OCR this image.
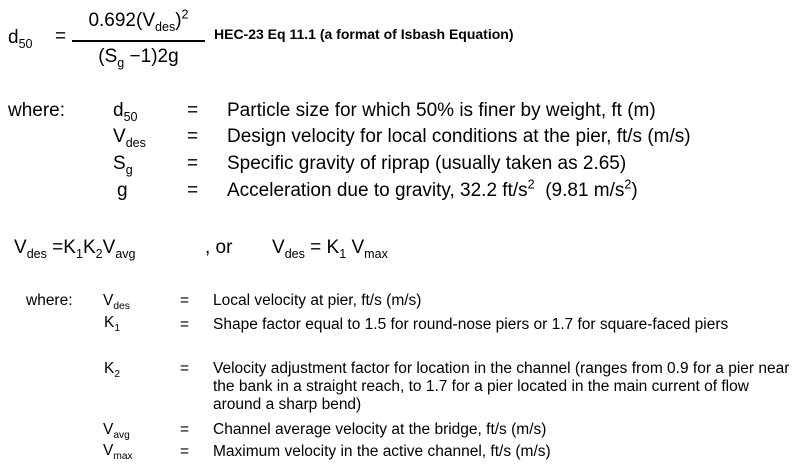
$d_{50}$ =
$0.692(V_{des})^2$
$(S_g -1)2g$
HEC-23 Eq 11.1 (a format of Isbash Equation)
where:	$d_{50}$	= Particle size for which 50% is finer by weight, ft (m)
$V_{des}$ = Design velocity for local conditions at the pier, ft/s (m/s)
$S_g$	= Specific gravity of riprap (usually taken as 2.65)
g	= Acceleration due to gravity, 32.2 $ft/s^2$  (9.81 $m/s^2$)
$V_{des} =K_1K_2V_{avg}$	, or $V_{des} = K_1$ $V_{max}$
where: $V_{des}$	= Local velocity at pier, ft/s (m/s)
$K_1$	= Shape factor equal to 1.5 for round-nose piers or 1.7 for square-faced piers
$K_2$	= Velocity adjustment factor for location in the channel (ranges from 0.9 for a pier near the bank in a straight reach, to 1.7 for a pier located in the main current of flow around a sharp bend)
$V_{avg}$	= Channel average velocity at the bridge, ft/s (m/s)
$V_{max}$	= Maximum velocity in the active channel, ft/s (m/s)
